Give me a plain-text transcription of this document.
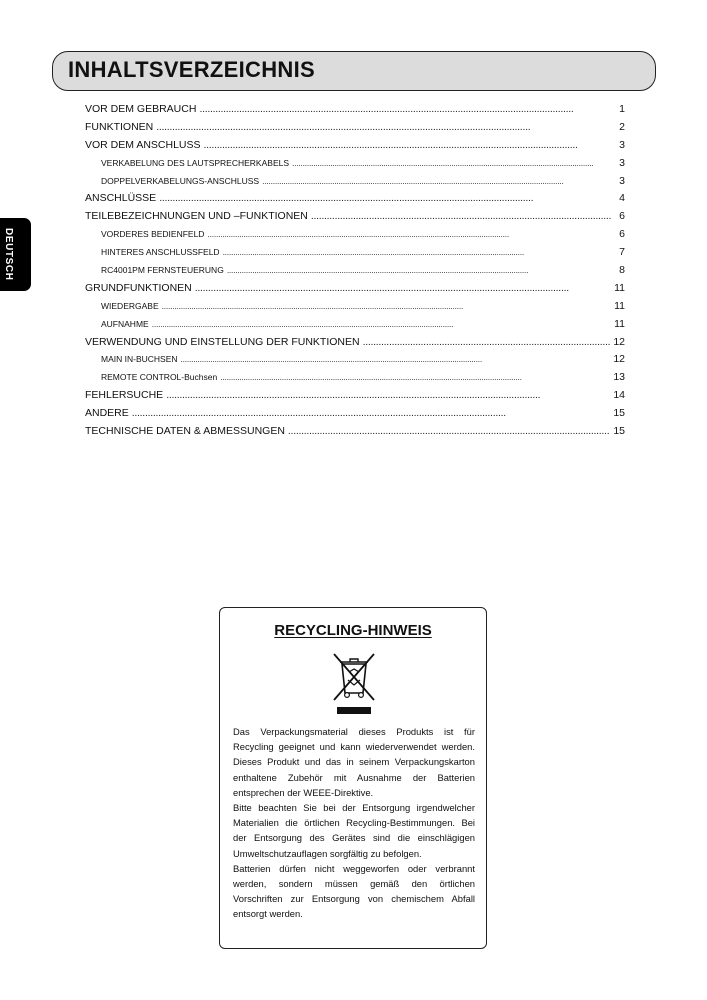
INHALTSVERZEICHNIS
DEUTSCH
VOR DEM GEBRAUCH . . .	1
FUNKTIONEN . . .	2
VOR DEM ANSCHLUSS . . .	3
VERKABELUNG DES LAUTSPRECHERKABELS . . .	3
DOPPELVERKABELUNGS-ANSCHLUSS . . .	3
ANSCHLÜSSE . . .	4
TEILEBEZEICHNUNGEN UND –FUNKTIONEN . . .	6
VORDERES BEDIENFELD . . .	6
HINTERES ANSCHLUSSFELD . . .	7
RC4001PM FERNSTEUERUNG . . .	8
GRUNDFUNKTIONEN . . .	11
WIEDERGABE . . .	11
AUFNAHME . . .	11
VERWENDUNG UND EINSTELLUNG DER FUNKTIONEN . . .	12
MAIN IN-BUCHSEN . . .	12
REMOTE CONTROL-Buchsen . . .	13
FEHLERSUCHE . . .	14
ANDERE . . .	15
TECHNISCHE DATEN & ABMESSUNGEN . . .	15
RECYCLING-HINWEIS

Das Verpackungsmaterial dieses Produkts ist für Recycling geeignet und kann wiederverwendet werden. Dieses Produkt und das in seinem Verpackungskarton enthaltene Zubehör mit Ausnahme der Batterien entsprechen der WEEE-Direktive.

Bitte beachten Sie bei der Entsorgung irgendwelcher Materialien die örtlichen Recycling-Bestimmungen. Bei der Entsorgung des Gerätes sind die einschlägigen Umweltschutzauflagen sorgfältig zu befolgen.

Batterien dürfen nicht weggeworfen oder verbrannt werden, sondern müssen gemäß den örtlichen Vorschriften zur Entsorgung von chemischem Abfall entsorgt werden.
